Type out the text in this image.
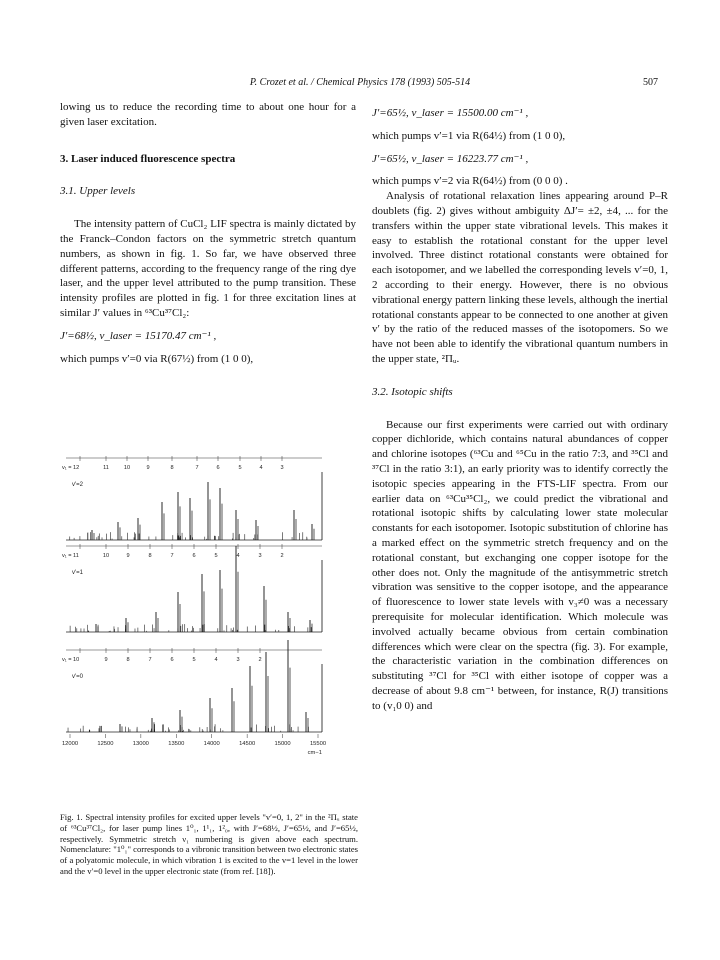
P. Crozet et al. / Chemical Physics 178 (1993) 505-514	507

lowing us to reduce the recording time to about one hour for a given laser excitation.

3. Laser induced fluorescence spectra

3.1. Upper levels

The intensity pattern of CuCl₂ LIF spectra is mainly dictated by the Franck–Condon factors on the symmetric stretch quantum numbers, as shown in fig. 1. So far, we have observed three different patterns, according to the frequency range of the ring dye laser, and the upper level attributed to the pump transition. These intensity profiles are plotted in fig. 1 for three excitation lines at similar J′ values in ⁶³Cu³⁷Cl₂:

J′=68½, ν_laser = 15170.47 cm⁻¹ ,

which pumps v′=0 via R(67½) from (1 0 0),

J′=65½, ν_laser = 15500.00 cm⁻¹ ,

which pumps v′=1 via R(64½) from (1 0 0),

J′=65½, ν_laser = 16223.77 cm⁻¹ ,

which pumps v′=2 via R(64½) from (0 0 0) .

Analysis of rotational relaxation lines appearing around P–R doublets (fig. 2) gives without ambiguity ΔJ′= ±2, ±4, ... for the transfers within the upper state vibrational levels. This makes it easy to establish the rotational constant for the upper level involved. Three distinct rotational constants were obtained for each isotopomer, and we labelled the corresponding levels v′=0, 1, 2 according to their energy. However, there is no obvious vibrational energy pattern linking these levels, although the inertial rotational constants appear to be connected to one another at given v′ by the ratio of the reduced masses of the isotopomers. So we have not been able to identify the vibrational quantum numbers in the upper state, ²Πᵤ.

3.2. Isotopic shifts

Because our first experiments were carried out with ordinary copper dichloride, which contains natural abundances of copper and chlorine isotopes (⁶³Cu and ⁶⁵Cu in the ratio 7:3, and ³⁵Cl and ³⁷Cl in the ratio 3:1), an early priority was to identify correctly the isotopic species appearing in the FTS-LIF spectra. From our earlier data on ⁶³Cu³⁵Cl₂, we could predict the vibrational and rotational isotopic shifts by calculating lower state molecular constants for each isotopomer. Isotopic substitution of chlorine has a marked effect on the symmetric stretch frequency and on the rotational constant, but exchanging one copper isotope for the other does not. Only the magnitude of the antisymmetric stretch vibration was sensitive to the copper isotope, and the appearance of fluorescence to lower state levels with v₃≠0 was a necessary prerequisite for molecular identification. Which molecule was involved actually became obvious from certain combination differences which were clear on the spectra (fig. 3). For example, the characteristic variation in the combination differences on substituting ³⁷Cl for ³⁵Cl with either isotope of copper was a decrease of about 9.8 cm⁻¹ between, for instance, R(J) transitions to (v₁0 0) and

v₁ = 12	11	10	9	8	7	6	5	4	3
v′=2
v₁ = 11	10	9	8	7	6	5	4	3	2
v′=1
v₁ = 10	9	8	7	6	5	4	3	2
v′=0
12000	12500	13000	13500	14000	14500	15000	15500
cm−1
Fig. 1. Spectral intensity profiles for excited upper levels "v′=0, 1, 2" in the ²Πᵤ state of ⁶³Cu³⁷Cl₂, for laser pump lines 1⁰₁, 1¹₁, 1²₀, with J′=68½, J′=65½, and J′=65½, respectively. Symmetric stretch ν₁ numbering is given above each spectrum. Nomenclature: "1⁰₁" corresponds to a vibronic transition between two electronic states of a polyatomic molecule, in which vibration 1 is excited to the v=1 level in the lower and the v′=0 level in the upper electronic state (from ref. [18]).
